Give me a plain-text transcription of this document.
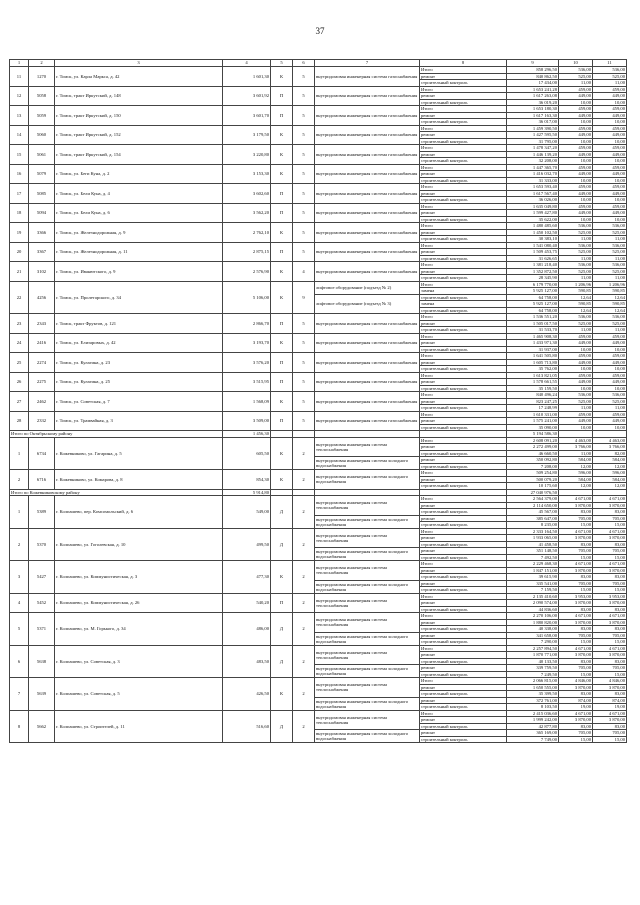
37
1	2	3	4	5	6	7	8	9	10	11
11	1270	г. Томск, ул. Карла Маркса, д. 42	1 601,30	К	5	внутридомовая инженерная система газоснабжения	Итого	858 296,50	536,00	536,00
							ремонт	840 862,50	525,00	525,00
							строительный контроль	17 434,00	11,00	11,00
12	5058	г. Томск, тракт Иркутский, д. 148	3 601,92	П	5	внутридомовая инженерная система газоснабжения	Итого	1 653 241,28	459,00	459,00
							ремонт	1 617 263,08	449,00	449,00
							строительный контроль	36 019,20	10,00	10,00
13	5059	г. Томск, тракт Иркутский, д. 150	3 601,70	П	5	внутридомовая инженерная система газоснабжения	Итого	1 653 180,30	459,00	459,00
							ремонт	1 617 163,30	449,00	449,00
							строительный контроль	36 017,00	10,00	10,00
14	5060	г. Томск, тракт Иркутский, д. 152	3 179,50	К	5	внутридомовая инженерная система газоснабжения	Итого	1 459 390,50	459,00	459,00
							ремонт	1 427 595,50	449,00	449,00
							строительный контроль	31 795,00	10,00	10,00
15	5061	г. Томск, тракт Иркутский, д. 154	3 220,80	К	5	внутридомовая инженерная система газоснабжения	Итого	1 478 347,20	459,00	459,00
							ремонт	1 446 139,20	449,00	449,00
							строительный контроль	32 208,00	10,00	10,00
16	5079	г. Томск, ул. Беги Куна, д. 2	3 153,30	К	5	внутридомовая инженерная система газоснабжения	Итого	1 447 365,70	459,00	459,00
							ремонт	1 416 032,70	449,00	449,00
							строительный контроль	31 333,00	10,00	10,00
17	5085	г. Томск, ул. Бели Куна, д. 4	3 602,60	П	5	внутридомовая инженерная система газоснабжения	Итого	1 653 593,40	459,00	459,00
							ремонт	1 617 567,40	449,00	449,00
							строительный контроль	36 026,00	10,00	10,00
18	5094	г. Томск, ул. Бели Куна, д. 6	3 562,20	П	5	внутридомовая инженерная система газоснабжения	Итого	1 635 049,80	459,00	459,00
							ремонт	1 599 427,80	449,00	449,00
							строительный контроль	35 622,00	10,00	10,00
19	3366	г. Томск, ул. Железнодорожная, д. 9	2 762,10	К	5	внутридомовая инженерная система газоснабжения	Итого	1 480 485,60	536,00	536,00
							ремонт	1 450 102,50	525,00	525,00
							строительный контроль	30 383,10	11,00	11,00
20	3367	г. Томск, ул. Железнодорожная, д. 11	2 875,15	П	5	внутридомовая инженерная система газоснабжения	Итого	1 541 080,40	536,00	536,00
							ремонт	1 509 453,75	525,00	525,00
							строительный контроль	31 626,65	11,00	11,00
21	3102	г. Томск, ул. Иванютского, д. 9	2 576,90	К	4	внутридомовая инженерная система газоснабжения	Итого	1 381 218,40	536,00	536,00
							ремонт	1 352 872,50	525,00	525,00
							строительный контроль	28 345,90	11,00	11,00
22	4256	г. Томск, ул. Пролетарского, д. 34	5 106,00	К	9	лифтовое оборудование (подъезд № 2)	Итого	6 179 770,00	1 206,96	1 206,96
							замена	5 925 127,00	590,85	590,85
						лифтовое оборудование (подъезд № 3)	строительный контроль	64 758,00	12,64	12,64
							замена	5 925 127,00	590,85	590,85
							строительный контроль	64 758,00	12,64	12,64
23	2343	г. Томск, тракт Фруктов, д. 121	2 866,70	П	5	внутридомовая инженерная система газоснабжения	Итого	1 536 551,20	536,00	536,00
							ремонт	1 505 017,50	525,00	525,00
							строительный контроль	31 533,70	11,00	11,00
24	2416	г. Томск, ул. Елизаровых, д. 42	3 193,70	К	5	внутридомовая инженерная система газоснабжения	Итого	1 465 908,30	459,00	459,00
							ремонт	1 433 971,30	449,00	449,00
							строительный контроль	31 937,00	10,00	10,00
25	2274	г. Томск, ул. Кулагина, д. 23	3 576,20	П	5	внутридомовая инженерная система газоснабжения	Итого	1 641 505,80	459,00	459,00
							ремонт	1 605 713,80	449,00	449,00
							строительный контроль	35 762,00	10,00	10,00
26	2275	г. Томск, ул. Кулагина, д. 25	3 515,95	П	5	внутридомовая инженерная система газоснабжения	Итого	1 613 821,05	459,00	459,00
							ремонт	1 578 661,55	449,00	449,00
							строительный контроль	35 159,50	10,00	10,00
27	2462	г. Томск, ул. Советская, д. 7	1 568,09	К	5	внутридомовая инженерная система газоснабжения	Итого	840 496,24	536,00	536,00
							ремонт	823 247,25	525,00	525,00
							строительный контроль	17 248,99	11,00	11,00
28	2332	г. Томск, ул. Трамвайная, д. 3	3 509,00	П	5	внутридомовая инженерная система газоснабжения	Итого	1 610 331,00	459,00	459,00
							ремонт	1 575 241,00	449,00	449,00
							строительный контроль	35 090,00	10,00	10,00
Итого по Октябрьскому району			1 456,30					5 194 586,30		
1	6734	г. Кожевниково, ул. Гагарина, д. 5	605,50	К	2	внутридомовая инженерная система теплоснабжения	Итого	2 608 091,20	4 463,00	4 463,00
							ремонт	2 272 499,00	3 766,00	3 766,00
							строительный контроль	46 660,50	11,00	82,00
						внутридомовая инженерная система холодного водоснабжения	ремонт	350 092,80	584,00	584,00
							строительный контроль	7 208,00	12,00	12,00
2	6716	г. Кожевниково, ул. Комарова, д. 8	854,30	К	2	внутридомовая инженерная система холодного водоснабжения	Итого	509 254,80	596,00	596,00
							ремонт	500 079,20	584,00	584,00
							строительный контроль	10 175,60	12,00	12,00
Итого по Кожевниковскому району			5 914,80					27 040 976,50		
1	5389	г. Колпашево, пер. Комсомольский, д. 6	549,00	Д	2	внутридомовая инженерная система теплоснабжения	Итого	2 564 379,00	4 671,00	4 671,00
							ремонт	2 114 650,00	3 870,00	3 870,00
							строительный контроль	45 567,00	83,00	83,00
						внутридомовая инженерная система холодного водоснабжения	ремонт	385 647,00	705,00	705,00
							строительный контроль	8 235,00	15,00	15,00
2	5370	г. Колпашево, ул. Гоголевская, д. 10	499,50	Д	2	внутридомовая инженерная система теплоснабжения	Итого	2 333 164,50	4 671,00	4 671,00
							ремонт	1 933 065,00	3 870,00	3 870,00
							строительный контроль	41 458,50	83,00	83,00
						внутридомовая инженерная система холодного водоснабжения	ремонт	351 148,50	705,00	705,00
							строительный контроль	7 492,50	15,00	15,00
3	5427	г. Колпашево, ул. Коммунистическая, д. 3	477,30	К	2	внутридомовая инженерная система теплоснабжения	Итого	2 229 468,30	4 671,00	4 671,00
							ремонт	1 847 151,00	3 870,00	3 870,00
							строительный контроль	39 615,90	83,00	83,00
						внутридомовая инженерная система холодного водоснабжения	ремонт	335 541,00	705,00	705,00
							строительный контроль	7 159,50	15,00	15,00
4	5452	г. Колпашево, ул. Коммунистическая, д. 26	540,20	П	2	внутридомовая инженерная система теплоснабжения	Итого	2 135 410,60	3 953,00	3 953,00
							ремонт	2 090 574,00	3 870,00	3 870,00
							строительный контроль	44 836,60	83,00	83,00
5	5371	г. Колпашево, ул. М. Горького, д. 34	486,00	Д	2	внутридомовая инженерная система теплоснабжения	Итого	2 270 106,00	4 671,00	4 671,00
							ремонт	1 880 820,00	3 870,00	3 870,00
							строительный контроль	40 338,00	83,00	83,00
						внутридомовая инженерная система холодного водоснабжения	ремонт	341 658,00	705,00	705,00
							строительный контроль	7 290,00	15,00	15,00
6	5638	г. Колпашево, ул. Советская, д. 3	483,50	Д	2	внутридомовая инженерная система теплоснабжения	Итого	2 257 894,50	4 671,00	4 671,00
							ремонт	1 870 771,00	3 870,00	3 870,00
							строительный контроль	40 133,50	83,00	83,00
						внутридомовая инженерная система холодного водоснабжения	ремонт	339 759,50	705,00	705,00
							строительный контроль	7 249,50	15,00	15,00
7	5639	г. Колпашево, ул. Советская, д. 5	426,50	К	2	внутридомовая инженерная система теплоснабжения	Итого	2 066 815,00	4 846,00	4 846,00
							ремонт	1 650 555,00	3 870,00	3 870,00
							строительный контроль	35 399,50	83,00	83,00
						внутридомовая инженерная система холодного водоснабжения	ремонт	372 761,00	874,00	874,00
							строительный контроль	8 103,50	19,00	19,00
8	5662	г. Колпашево, ул. Строителей, д. 11	516,60	Д	2	внутридомовая инженерная система теплоснабжения	Итого	2 415 036,60	4 671,00	4 671,00
							ремонт	1 999 242,00	3 870,00	3 870,00
							строительный контроль	42 877,80	83,00	83,00
						внутридомовая инженерная система холодного водоснабжения	ремонт	365 169,00	705,00	705,00
							строительный контроль	7 749,00	15,00	15,00
